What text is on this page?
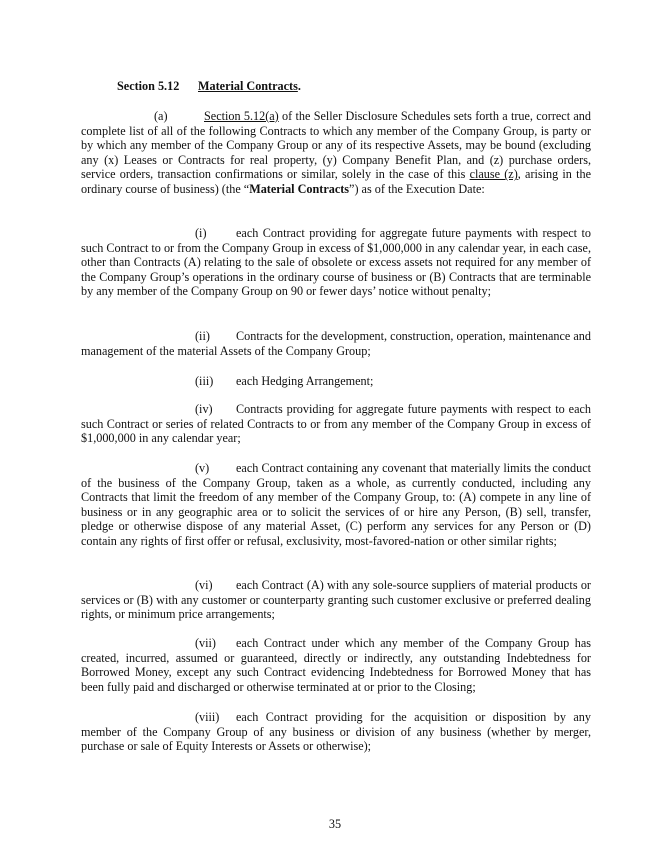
Section 5.12 Material Contracts.

(a)	Section 5.12(a) of the Seller Disclosure Schedules sets forth a true, correct and complete list of all of the following Contracts to which any member of the Company Group, is party or by which any member of the Company Group or any of its respective Assets, may be bound (excluding any (x) Leases or Contracts for real property, (y) Company Benefit Plan, and (z) purchase orders, service orders, transaction confirmations or similar, solely in the case of this clause (z), arising in the ordinary course of business) (the “Material Contracts”) as of the Execution Date:

(i) each Contract providing for aggregate future payments with respect to such Contract to or from the Company Group in excess of $1,000,000 in any calendar year, in each case, other than Contracts (A) relating to the sale of obsolete or excess assets not required for any member of the Company Group’s operations in the ordinary course of business or (B) Contracts that are terminable by any member of the Company Group on 90 or fewer days’ notice without penalty;

(ii) Contracts for the development, construction, operation, maintenance and management of the material Assets of the Company Group;

(iii) each Hedging Arrangement;

(iv) Contracts providing for aggregate future payments with respect to each such Contract or series of related Contracts to or from any member of the Company Group in excess of $1,000,000 in any calendar year;

(v) each Contract containing any covenant that materially limits the conduct of the business of the Company Group, taken as a whole, as currently conducted, including any Contracts that limit the freedom of any member of the Company Group, to: (A) compete in any line of business or in any geographic area or to solicit the services of or hire any Person, (B) sell, transfer, pledge or otherwise dispose of any material Asset, (C) perform any services for any Person or (D) contain any rights of first offer or refusal, exclusivity, most-favored-nation or other similar rights;

(vi) each Contract (A) with any sole-source suppliers of material products or services or (B) with any customer or counterparty granting such customer exclusive or preferred dealing rights, or minimum price arrangements;

(vii) each Contract under which any member of the Company Group has created, incurred, assumed or guaranteed, directly or indirectly, any outstanding Indebtedness for Borrowed Money, except any such Contract evidencing Indebtedness for Borrowed Money that has been fully paid and discharged or otherwise terminated at or prior to the Closing;

(viii) each Contract providing for the acquisition or disposition by any member of the Company Group of any business or division of any business (whether by merger, purchase or sale of Equity Interests or Assets or otherwise);

35
